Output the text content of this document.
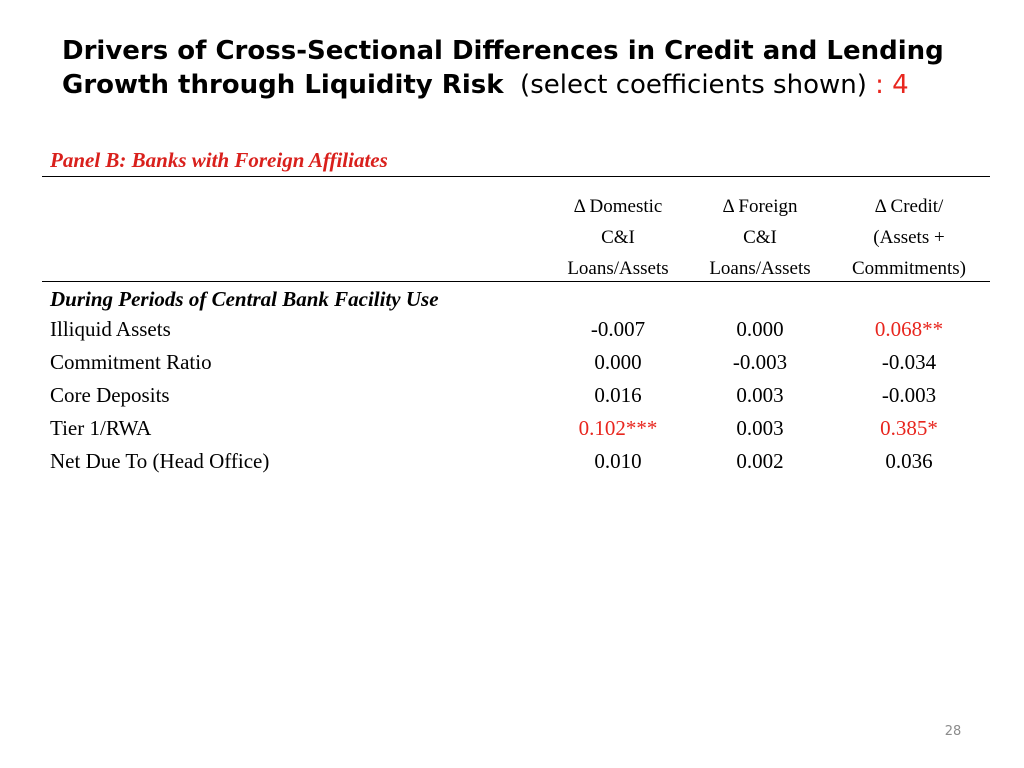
Drivers of Cross-Sectional Differences in Credit and Lending Growth through Liquidity Risk (select coefficients shown) : 4
Panel B: Banks with Foreign Affiliates
Δ Domestic
C&I
Loans/Assets
Δ Foreign
C&I
Loans/Assets
Δ Credit/
(Assets +
Commitments)
During Periods of Central Bank Facility Use
Illiquid Assets	-0.007	0.000	0.068**
Commitment Ratio	0.000	-0.003	-0.034
Core Deposits	0.016	0.003	-0.003
Tier 1/RWA	0.102***	0.003	0.385*
Net Due To (Head Office)	0.010	0.002	0.036
28
